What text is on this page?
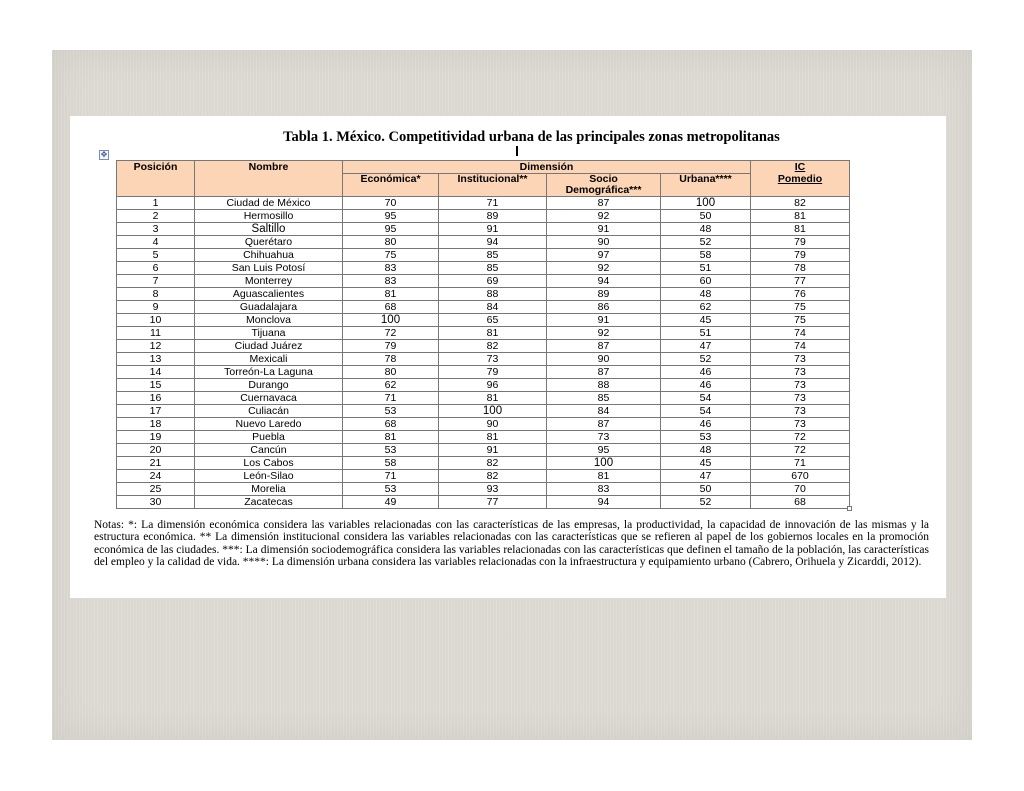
Tabla 1. México. Competitividad urbana de las principales zonas metropolitanas
✥
Posición	Nombre	Dimensión				IC
Pomedio
		Económica*	Institucional**	Socio
Demográfica***	Urbana****	
1	Ciudad de México	70	71	87	100	82
2	Hermosillo	95	89	92	50	81
3	Saltillo	95	91	91	48	81
4	Querétaro	80	94	90	52	79
5	Chihuahua	75	85	97	58	79
6	San Luis Potosí	83	85	92	51	78
7	Monterrey	83	69	94	60	77
8	Aguascalientes	81	88	89	48	76
9	Guadalajara	68	84	86	62	75
10	Monclova	100	65	91	45	75
11	Tijuana	72	81	92	51	74
12	Ciudad Juárez	79	82	87	47	74
13	Mexicali	78	73	90	52	73
14	Torreón-La Laguna	80	79	87	46	73
15	Durango	62	96	88	46	73
16	Cuernavaca	71	81	85	54	73
17	Culiacán	53	100	84	54	73
18	Nuevo Laredo	68	90	87	46	73
19	Puebla	81	81	73	53	72
20	Cancún	53	91	95	48	72
21	Los Cabos	58	82	100	45	71
24	León-Silao	71	82	81	47	670
25	Morelia	53	93	83	50	70
30	Zacatecas	49	77	94	52	68

Notas: *: La dimensión económica considera las variables relacionadas con las características de las empresas, la productividad, la capacidad de innovación de las mismas y la estructura económica. ** La dimensión institucional considera las variables relacionadas con las características que se refieren al papel de los gobiernos locales en la promoción económica de las ciudades. ***: La dimensión sociodemográfica considera las variables relacionadas con las características que definen el tamaño de la población, las características del empleo y la calidad de vida. ****: La dimensión urbana considera las variables relacionadas con la infraestructura y equipamiento urbano (Cabrero, Orihuela y Zicarddi, 2012).
